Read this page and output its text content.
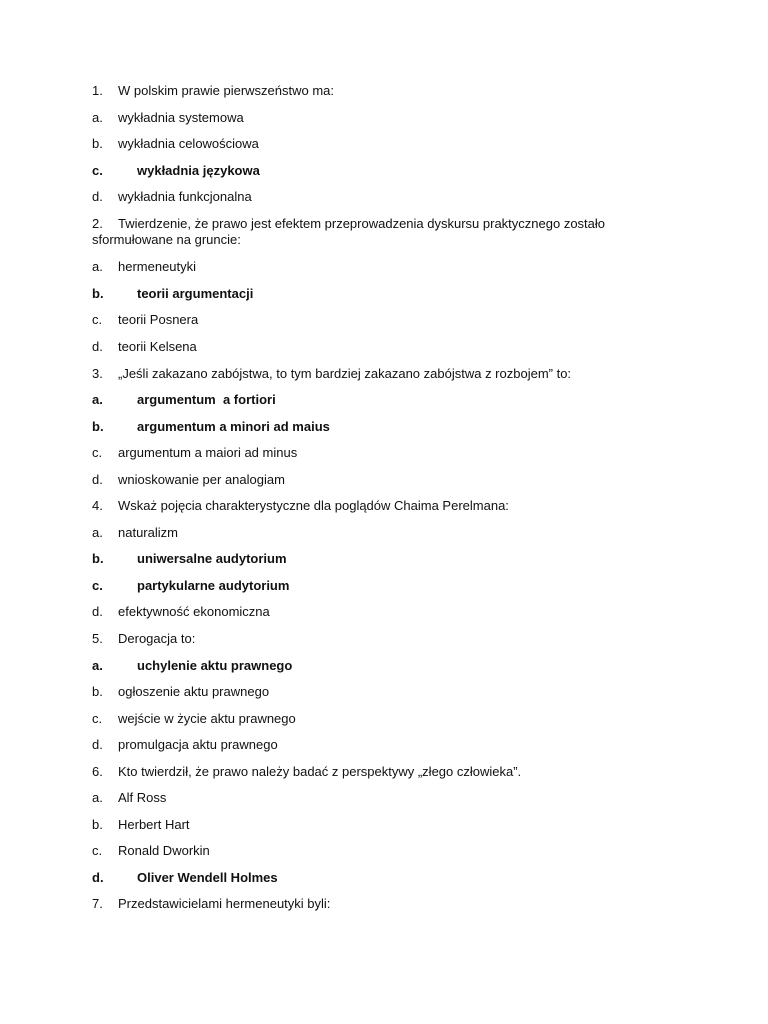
1. W polskim prawie pierwszeństwo ma:
a. wykładnia systemowa
b. wykładnia celowościowa
c.	wykładnia językowa
d. wykładnia funkcjonalna
2. Twierdzenie, że prawo jest efektem przeprowadzenia dyskursu praktycznego zostało sformułowane na gruncie:
a. hermeneutyki
b.	teorii argumentacji
c. teorii Posnera
d. teorii Kelsena
3. „Jeśli zakazano zabójstwa, to tym bardziej zakazano zabójstwa z rozbojem” to:
a.	argumentum  a fortiori
b.	argumentum a minori ad maius
c. argumentum a maiori ad minus
d. wnioskowanie per analogiam
4. Wskaż pojęcia charakterystyczne dla poglądów Chaima Perelmana:
a. naturalizm
b.	uniwersalne audytorium
c.	partykularne audytorium
d. efektywność ekonomiczna
5. Derogacja to:
a.	uchylenie aktu prawnego
b. ogłoszenie aktu prawnego
c. wejście w życie aktu prawnego
d. promulgacja aktu prawnego
6. Kto twierdził, że prawo należy badać z perspektywy „złego człowieka”.
a. Alf Ross
b. Herbert Hart
c. Ronald Dworkin
d.	Oliver Wendell Holmes
7. Przedstawicielami hermeneutyki byli:
